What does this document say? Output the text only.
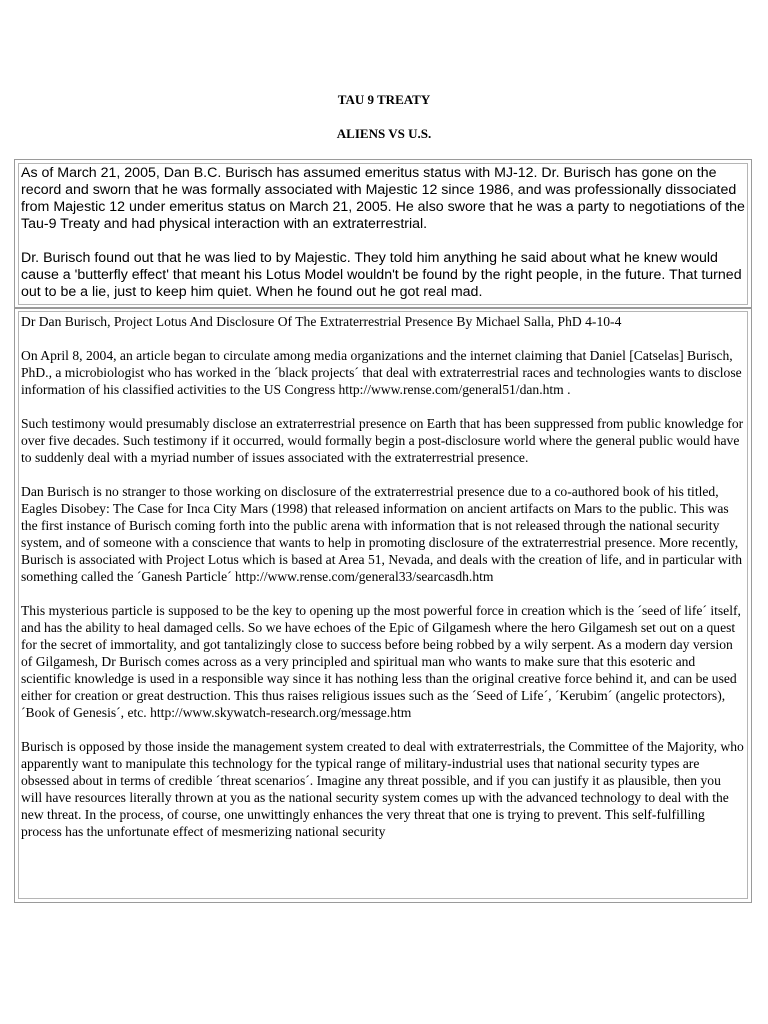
TAU 9 TREATY
ALIENS VS U.S.

As of March 21, 2005, Dan B.C. Burisch has assumed emeritus status with MJ-12. Dr. Burisch has gone on the record and sworn that he was formally associated with Majestic 12 since 1986, and was professionally dissociated from Majestic 12 under emeritus status on March 21, 2005. He also swore that he was a party to negotiations of the Tau-9 Treaty and had physical interaction with an extraterrestrial.

Dr. Burisch found out that he was lied to by Majestic. They told him anything he said about what he knew would cause a 'butterfly effect' that meant his Lotus Model wouldn't be found by the right people, in the future. That turned out to be a lie, just to keep him quiet. When he found out he got real mad.

Dr Dan Burisch, Project Lotus And Disclosure Of The Extraterrestrial Presence By Michael Salla, PhD 4-10-4

On April 8, 2004, an article began to circulate among media organizations and the internet claiming that Daniel [Catselas] Burisch, PhD., a microbiologist who has worked in the ´black projects´ that deal with extraterrestrial races and technologies wants to disclose information of his classified activities to the US Congress http://www.rense.com/general51/dan.htm .

Such testimony would presumably disclose an extraterrestrial presence on Earth that has been suppressed from public knowledge for over five decades. Such testimony if it occurred, would formally begin a post-disclosure world where the general public would have to suddenly deal with a myriad number of issues associated with the extraterrestrial presence.

Dan Burisch is no stranger to those working on disclosure of the extraterrestrial presence due to a co-authored book of his titled, Eagles Disobey: The Case for Inca City Mars (1998) that released information on ancient artifacts on Mars to the public. This was the first instance of Burisch coming forth into the public arena with information that is not released through the national security system, and of someone with a conscience that wants to help in promoting disclosure of the extraterrestrial presence. More recently, Burisch is associated with Project Lotus which is based at Area 51, Nevada, and deals with the creation of life, and in particular with something called the ´Ganesh Particle´ http://www.rense.com/general33/searcasdh.htm

This mysterious particle is supposed to be the key to opening up the most powerful force in creation which is the ´seed of life´ itself, and has the ability to heal damaged cells. So we have echoes of the Epic of Gilgamesh where the hero Gilgamesh set out on a quest for the secret of immortality, and got tantalizingly close to success before being robbed by a wily serpent. As a modern day version of Gilgamesh, Dr Burisch comes across as a very principled and spiritual man who wants to make sure that this esoteric and scientific knowledge is used in a responsible way since it has nothing less than the original creative force behind it, and can be used either for creation or great destruction. This thus raises religious issues such as the ´Seed of Life´, ´Kerubim´ (angelic protectors), ´Book of Genesis´, etc. http://www.skywatch-research.org/message.htm

Burisch is opposed by those inside the management system created to deal with extraterrestrials, the Committee of the Majority, who apparently want to manipulate this technology for the typical range of military-industrial uses that national security types are obsessed about in terms of credible ´threat scenarios´. Imagine any threat possible, and if you can justify it as plausible, then you will have resources literally thrown at you as the national security system comes up with the advanced technology to deal with the new threat. In the process, of course, one unwittingly enhances the very threat that one is trying to prevent. This self-fulfilling process has the unfortunate effect of mesmerizing national security
